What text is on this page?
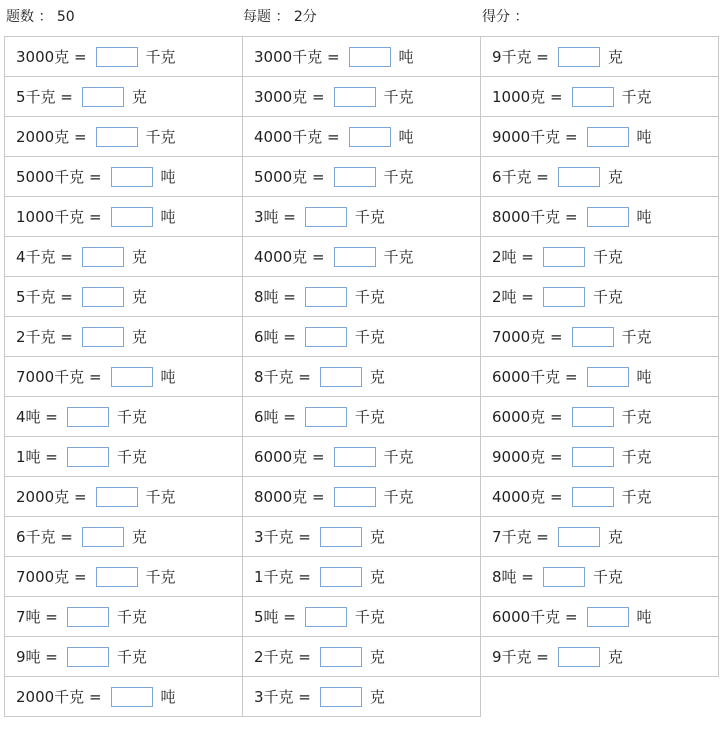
题数 ： 50	每题 ： 2分	得分 ：
3000克 =	千克	3000千克 =	吨	9千克 =	克
5千克 =	克	3000克 =	千克	1000克 =	千克
2000克 =	千克	4000千克 =	吨	9000千克 =	吨
5000千克 =	吨	5000克 =	千克	6千克 =	克
1000千克 =	吨	3吨 =	千克	8000千克 =	吨
4千克 =	克	4000克 =	千克	2吨 =	千克
5千克 =	克	8吨 =	千克	2吨 =	千克
2千克 =	克	6吨 =	千克	7000克 =	千克
7000千克 =	吨	8千克 =	克	6000千克 =	吨
4吨 =	千克	6吨 =	千克	6000克 =	千克
1吨 =	千克	6000克 =	千克	9000克 =	千克
2000克 =	千克	8000克 =	千克	4000克 =	千克
6千克 =	克	3千克 =	克	7千克 =	克
7000克 =	千克	1千克 =	克	8吨 =	千克
7吨 =	千克	5吨 =	千克	6000千克 =	吨
9吨 =	千克	2千克 =	克	9千克 =	克
2000千克 =	吨	3千克 =	克
